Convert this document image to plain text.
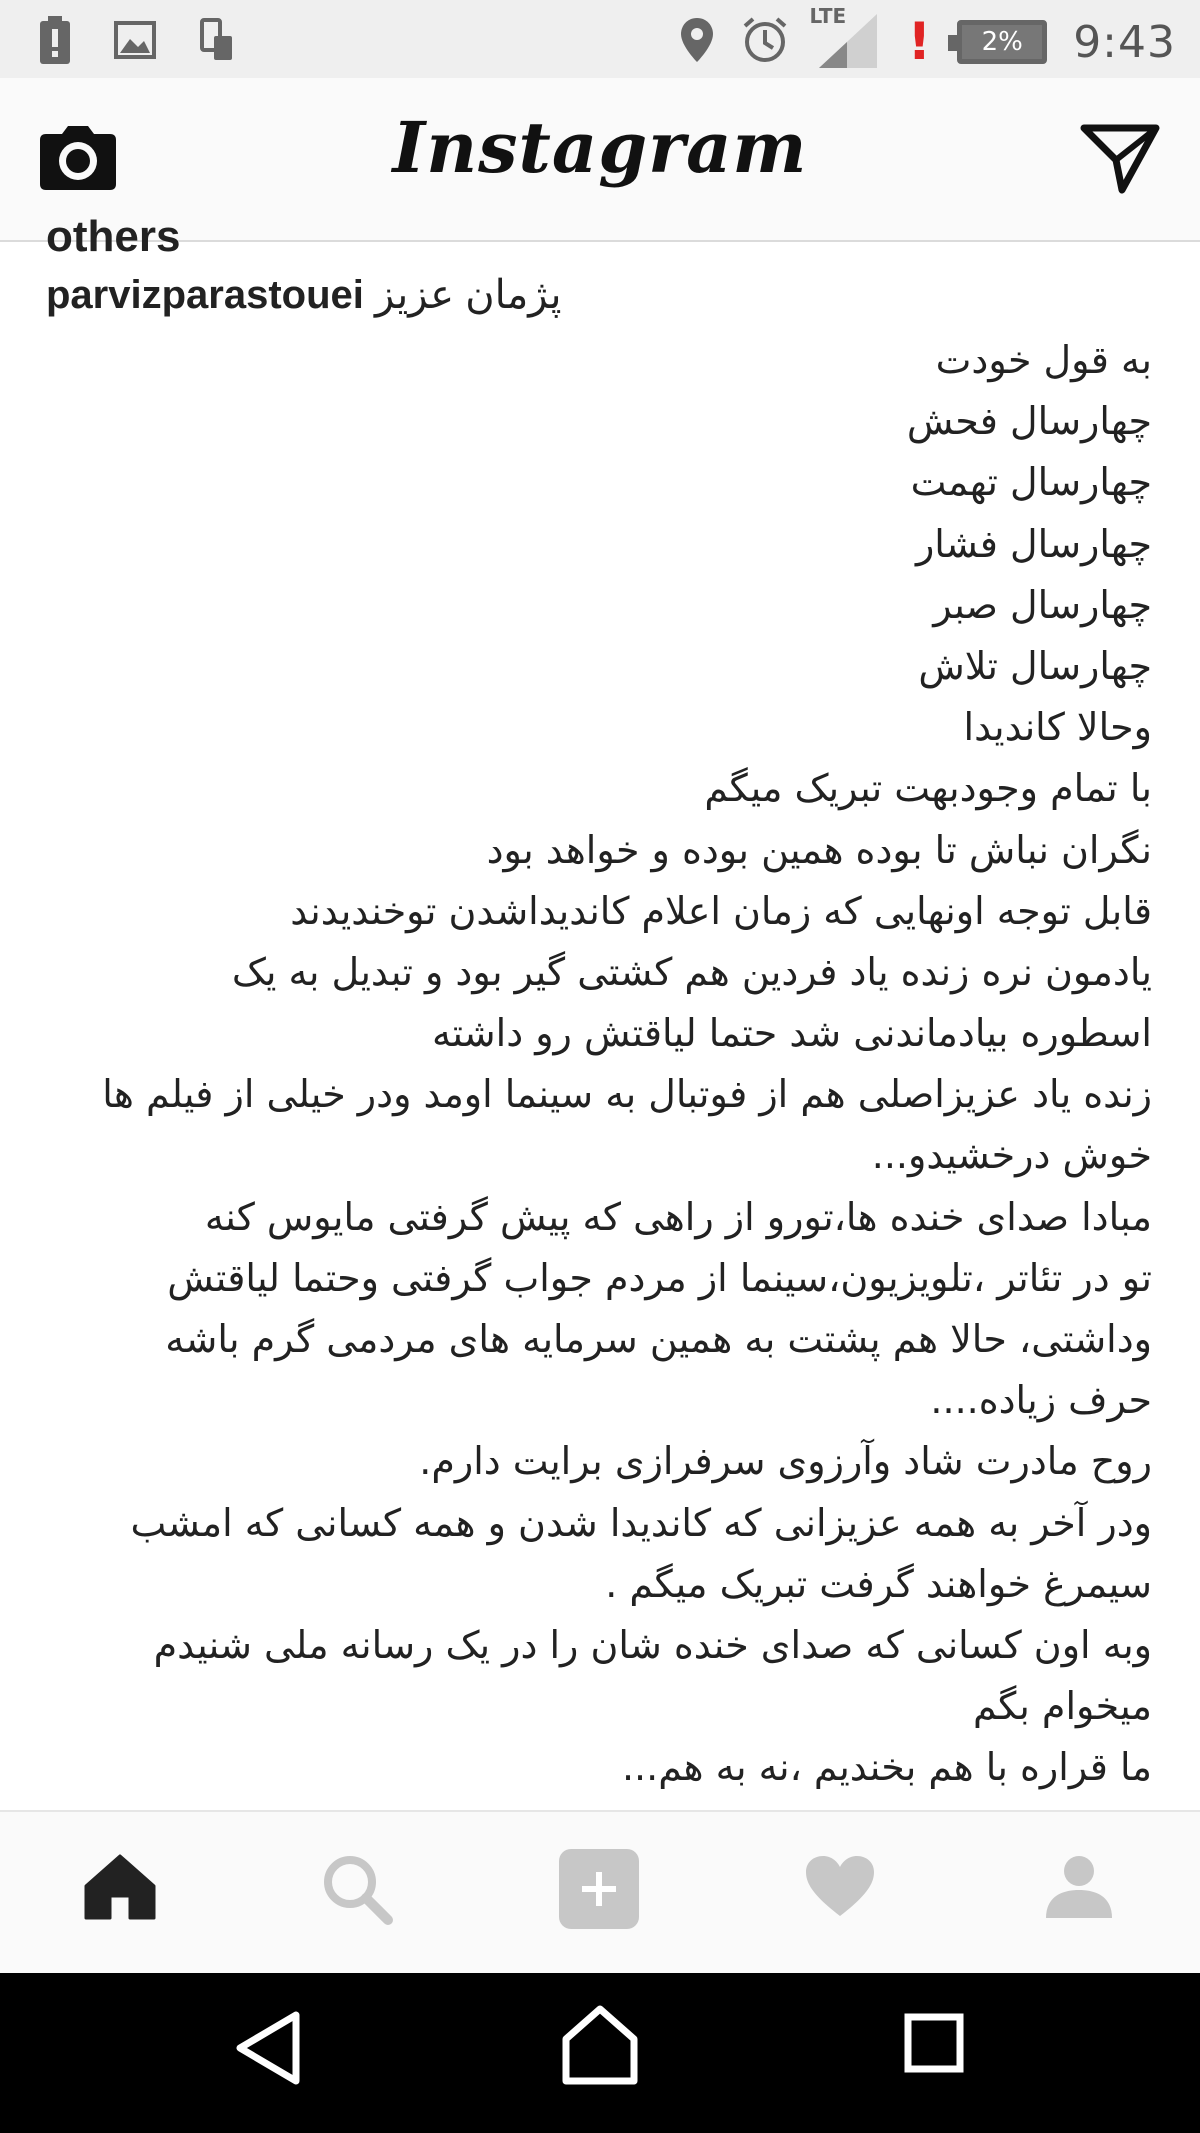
LTE !	2%	9:43
Instagram
others
parvizparastouei پژمان عزیز
به قول خودت
چهارسال فحش
چهارسال تهمت
چهارسال فشار
چهارسال صبر
چهارسال تلاش
وحالا کاندیدا
با تمام وجودبهت تبریک میگم
نگران نباش تا بوده همین بوده و خواهد بود
قابل توجه اونهایی که زمان اعلام کاندیداشدن توخندیدند
یادمون نره زنده یاد فردین هم کشتی گیر بود و تبدیل به یک
اسطوره بیادماندنی شد حتما لیاقتش رو داشته
زنده یاد عزیزاصلی هم از فوتبال به سینما اومد ودر خیلی از فیلم ها
خوش درخشیدو...
مبادا صدای خنده ها،تورو از راهی که پیش گرفتی مایوس کنه
تو در تئاتر ،تلویزیون،سینما از مردم جواب گرفتی وحتما لیاقتش
وداشتی، حالا هم پشتت به همین سرمایه های مردمی گرم باشه
حرف زیاده....
روح مادرت شاد وآرزوی سرفرازی برایت دارم.
ودر آخر به همه عزیزانی که کاندیدا شدن و همه کسانی که امشب
سیمرغ خواهند گرفت تبریک میگم .
وبه اون کسانی که صدای خنده شان را در یک رسانه ملی شنیدم
میخوام بگم
ما قراره با هم بخندیم ،نه به هم...
